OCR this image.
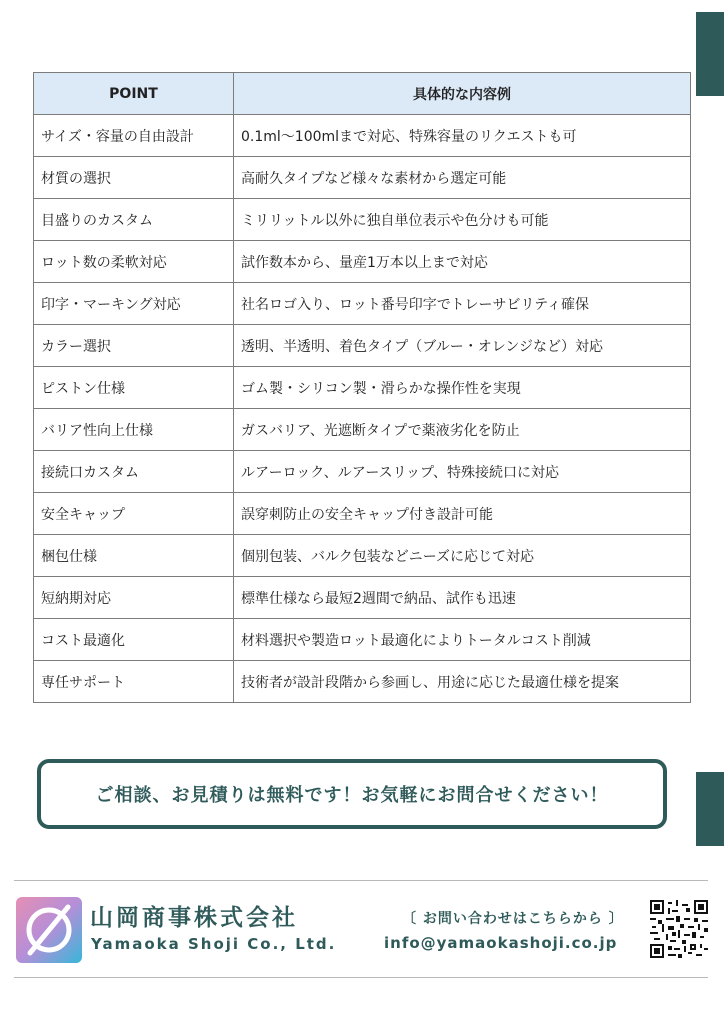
POINT	具体的な内容例
サイズ・容量の自由設計	0.1ml〜100mlまで対応、特殊容量のリクエストも可
材質の選択	高耐久タイプなど様々な素材から選定可能
目盛りのカスタム	ミリリットル以外に独自単位表示や色分けも可能
ロット数の柔軟対応	試作数本から、量産1万本以上まで対応
印字・マーキング対応	社名ロゴ入り、ロット番号印字でトレーサビリティ確保
カラー選択	透明、半透明、着色タイプ（ブルー・オレンジなど）対応
ピストン仕様	ゴム製・シリコン製・滑らかな操作性を実現
バリア性向上仕様	ガスバリア、光遮断タイプで薬液劣化を防止
接続口カスタム	ルアーロック、ルアースリップ、特殊接続口に対応
安全キャップ	誤穿刺防止の安全キャップ付き設計可能
梱包仕様	個別包装、バルク包装などニーズに応じて対応
短納期対応	標準仕様なら最短2週間で納品、試作も迅速
コスト最適化	材料選択や製造ロット最適化によりトータルコスト削減
専任サポート	技術者が設計段階から参画し、用途に応じた最適仕様を提案
ご相談、お見積りは無料です！お気軽にお問合せください！
山岡商事株式会社
Yamaoka Shoji Co., Ltd.
〔 お問い合わせはこちらから 〕
info@yamaokashoji.co.jp
